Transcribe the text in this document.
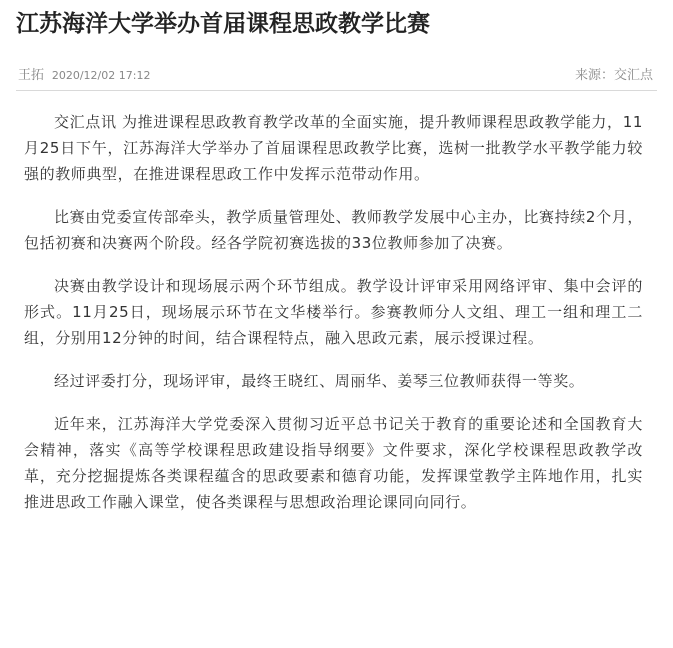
江苏海洋大学举办首届课程思政教学比赛
王拓 2020/12/02 17:12	来源：交汇点

交汇点讯 为推进课程思政教育教学改革的全面实施，提升教师课程思政教学能力，11月25日下午，江苏海洋大学举办了首届课程思政教学比赛，选树一批教学水平教学能力较强的教师典型，在推进课程思政工作中发挥示范带动作用。

比赛由党委宣传部牵头，教学质量管理处、教师教学发展中心主办，比赛持续2个月，包括初赛和决赛两个阶段。经各学院初赛选拔的33位教师参加了决赛。

决赛由教学设计和现场展示两个环节组成。教学设计评审采用网络评审、集中会评的形式。11月25日，现场展示环节在文华楼举行。参赛教师分人文组、理工一组和理工二组，分别用12分钟的时间，结合课程特点，融入思政元素，展示授课过程。

经过评委打分，现场评审，最终王晓红、周丽华、姜琴三位教师获得一等奖。

近年来，江苏海洋大学党委深入贯彻习近平总书记关于教育的重要论述和全国教育大会精神，落实《高等学校课程思政建设指导纲要》文件要求，深化学校课程思政教学改革，充分挖掘提炼各类课程蕴含的思政要素和德育功能，发挥课堂教学主阵地作用，扎实推进思政工作融入课堂，使各类课程与思想政治理论课同向同行。
